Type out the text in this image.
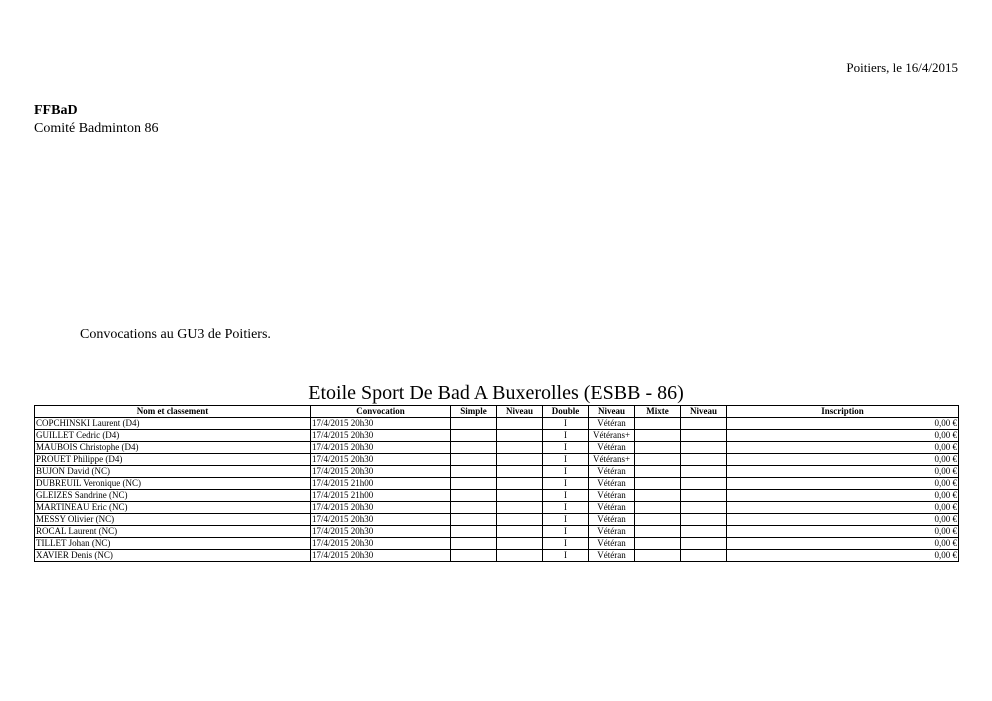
Poitiers, le 16/4/2015
FFBaD
Comité Badminton 86
Convocations au GU3 de Poitiers.
Etoile Sport De Bad A Buxerolles (ESBB - 86)
Nom et classement	Convocation	Simple	Niveau	Double	Niveau	Mixte	Niveau	Inscription
COPCHINSKI Laurent (D4)	17/4/2015 20h30			I	Vétéran			0,00 €
GUILLET Cedric (D4)	17/4/2015 20h30			I	Vétérans+			0,00 €
MAUBOIS Christophe (D4)	17/4/2015 20h30			I	Vétéran			0,00 €
PROUET Philippe (D4)	17/4/2015 20h30			I	Vétérans+			0,00 €
BUJON David (NC)	17/4/2015 20h30			I	Vétéran			0,00 €
DUBREUIL Veronique (NC)	17/4/2015 21h00			I	Vétéran			0,00 €
GLEIZES Sandrine (NC)	17/4/2015 21h00			I	Vétéran			0,00 €
MARTINEAU Eric (NC)	17/4/2015 20h30			I	Vétéran			0,00 €
MESSY Olivier (NC)	17/4/2015 20h30			I	Vétéran			0,00 €
ROCAL Laurent (NC)	17/4/2015 20h30			I	Vétéran			0,00 €
TILLET Johan (NC)	17/4/2015 20h30			I	Vétéran			0,00 €
XAVIER Denis (NC)	17/4/2015 20h30			I	Vétéran			0,00 €
